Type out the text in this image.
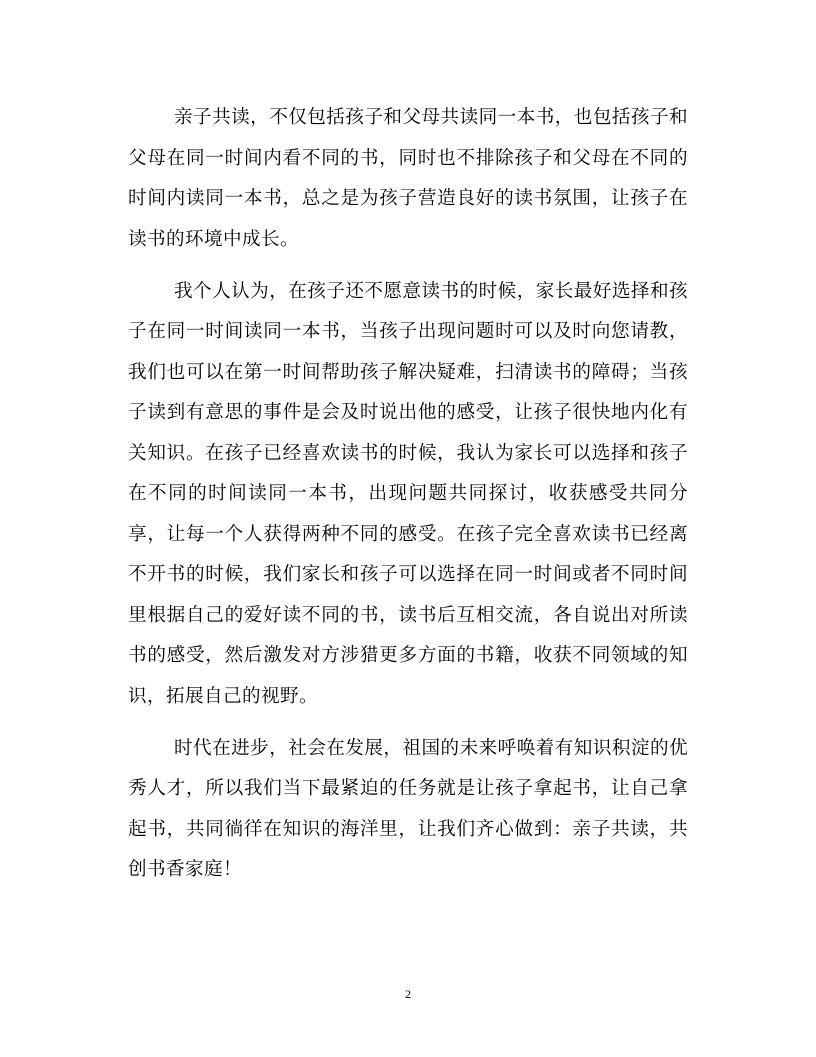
亲子共读，不仅包括孩子和父母共读同一本书，也包括孩子和父母在同一时间内看不同的书，同时也不排除孩子和父母在不同的时间内读同一本书，总之是为孩子营造良好的读书氛围，让孩子在读书的环境中成长。

我个人认为，在孩子还不愿意读书的时候，家长最好选择和孩子在同一时间读同一本书，当孩子出现问题时可以及时向您请教，我们也可以在第一时间帮助孩子解决疑难，扫清读书的障碍；当孩子读到有意思的事件是会及时说出他的感受，让孩子很快地内化有关知识。在孩子已经喜欢读书的时候，我认为家长可以选择和孩子在不同的时间读同一本书，出现问题共同探讨，收获感受共同分享，让每一个人获得两种不同的感受。在孩子完全喜欢读书已经离不开书的时候，我们家长和孩子可以选择在同一时间或者不同时间里根据自己的爱好读不同的书，读书后互相交流，各自说出对所读书的感受，然后激发对方涉猎更多方面的书籍，收获不同领域的知识，拓展自己的视野。

时代在进步，社会在发展，祖国的未来呼唤着有知识积淀的优秀人才，所以我们当下最紧迫的任务就是让孩子拿起书，让自己拿起书，共同徜徉在知识的海洋里，让我们齐心做到：亲子共读，共创书香家庭！

2
